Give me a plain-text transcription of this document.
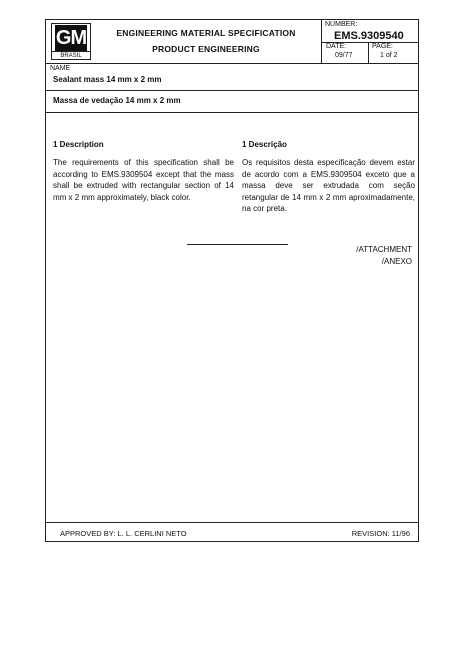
GM
BRASIL
ENGINEERING MATERIAL SPECIFICATION
PRODUCT ENGINEERING
NUMBER:
EMS.9309540
DATE:
09/77
PAGE:
1 of 2
NAME
Sealant mass 14 mm x 2 mm
Massa de vedação 14 mm x 2 mm
1 Description	1 Descrição
The requirements of this specification shall be according to EMS.9309504 except that the mass shall be extruded with rectangular section of 14 mm x 2 mm approximately, black color.
Os requisitos desta especificação devem estar de acordo com a EMS.9309504 exceto que a massa deve ser extrudada com seção retangular de 14 mm x 2 mm aproximadamente, na cor preta.
/ATTACHMENT
/ANEXO
APPROVED BY: L. L. CERLINI NETO	REVISION: 11/96
